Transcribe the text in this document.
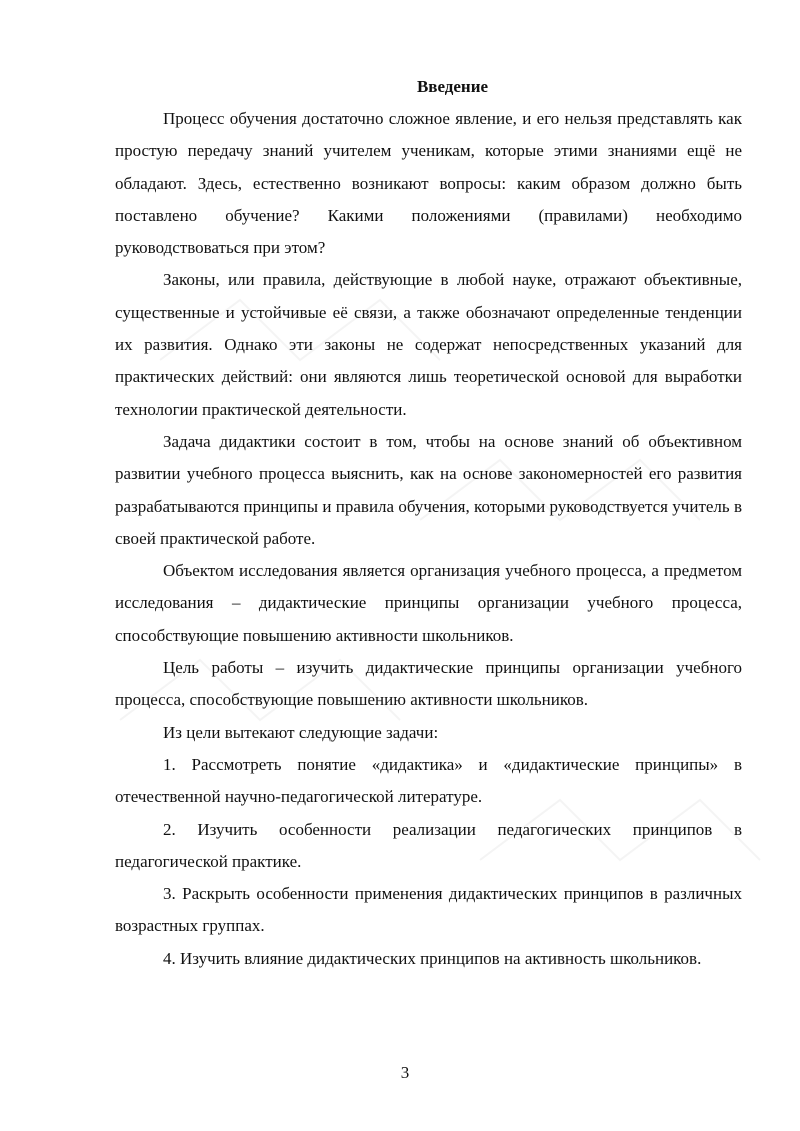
Введение

Процесс обучения достаточно сложное явление, и его нельзя представлять как простую передачу знаний учителем ученикам, которые этими знаниями ещё не обладают. Здесь, естественно возникают вопросы: каким образом должно быть поставлено обучение? Какими положениями (правилами) необходимо руководствоваться при этом?

Законы, или правила, действующие в любой науке, отражают объективные, существенные и устойчивые её связи, а также обозначают определенные тенденции их развития. Однако эти законы не содержат непосредственных указаний для практических действий: они являются лишь теоретической основой для выработки технологии практической деятельности.

Задача дидактики состоит в том, чтобы на основе знаний об объективном развитии учебного процесса выяснить, как на основе закономерностей его развития разрабатываются принципы и правила обучения, которыми руководствуется учитель в своей практической работе.

Объектом исследования является организация учебного процесса, а предметом исследования – дидактические принципы организации учебного процесса, способствующие повышению активности школьников.

Цель работы – изучить дидактические принципы организации учебного процесса, способствующие повышению активности школьников.

Из цели вытекают следующие задачи:

1. Рассмотреть понятие «дидактика» и «дидактические принципы» в отечественной научно-педагогической литературе.

2. Изучить особенности реализации педагогических принципов в педагогической практике.

3. Раскрыть особенности применения дидактических принципов в различных возрастных группах.

4. Изучить влияние дидактических принципов на активность школьников.

3
